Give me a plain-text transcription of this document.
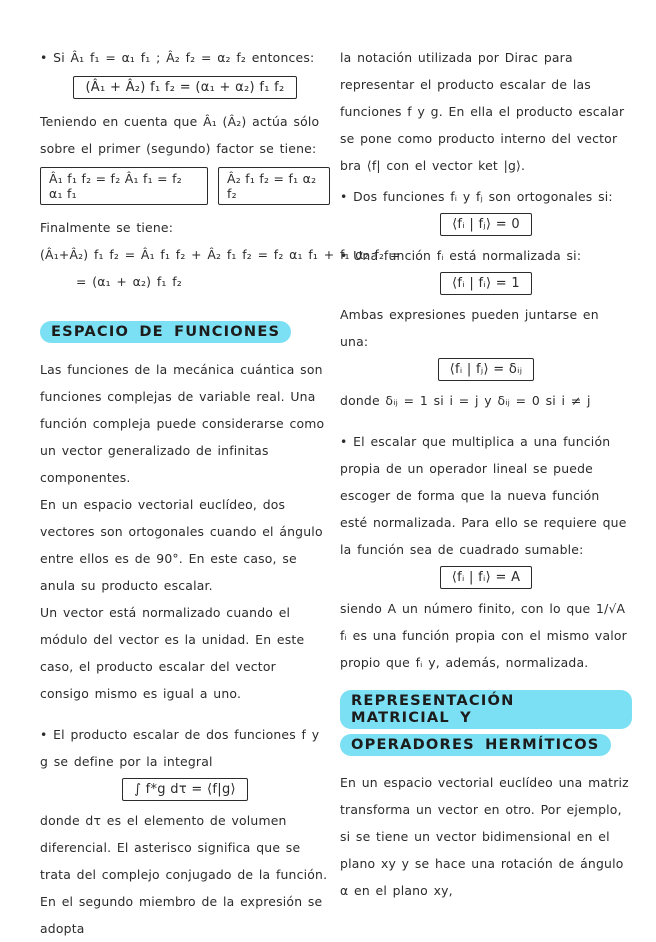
• Si Â₁ f₁ = α₁ f₁ ; Â₂ f₂ = α₂ f₂ entonces:

(Â₁ + Â₂) f₁ f₂ = (α₁ + α₂) f₁ f₂

Teniendo en cuenta que Â₁ (Â₂) actúa sólo sobre el primer (segundo) factor se tiene:

Â₁ f₁ f₂ = f₂ Â₁ f₁ = f₂ α₁ f₁
Â₂ f₁ f₂ = f₁ α₂ f₂

Finalmente se tiene:

(Â₁+Â₂) f₁ f₂ = Â₁ f₁ f₂ + Â₂ f₁ f₂ = f₂ α₁ f₁ + f₁ α₂ f₂ =

= (α₁ + α₂) f₁ f₂

ESPACIO DE FUNCIONES

Las funciones de la mecánica cuántica son funciones complejas de variable real. Una función compleja puede considerarse como un vector generalizado de infinitas componentes.

En un espacio vectorial euclídeo, dos vectores son ortogonales cuando el ángulo entre ellos es de 90°. En este caso, se anula su producto escalar.

Un vector está normalizado cuando el módulo del vector es la unidad. En este caso, el producto escalar del vector consigo mismo es igual a uno.

• El producto escalar de dos funciones f y g se define por la integral

∫ f*g dτ = ⟨f|g⟩

donde dτ es el elemento de volumen diferencial. El asterisco significa que se trata del complejo conjugado de la función.

En el segundo miembro de la expresión se adopta

la notación utilizada por Dirac para representar el producto escalar de las funciones f y g. En ella el producto escalar se pone como producto interno del vector bra ⟨f| con el vector ket |g⟩.

• Dos funciones fᵢ y fⱼ son ortogonales si:

⟨fᵢ | fⱼ⟩ = 0

• Una función fᵢ está normalizada si:

⟨fᵢ | fᵢ⟩ = 1

Ambas expresiones pueden juntarse en una:

⟨fᵢ | fⱼ⟩ = δᵢⱼ

donde δᵢⱼ = 1 si i = j y δᵢⱼ = 0 si i ≠ j

• El escalar que multiplica a una función propia de un operador lineal se puede escoger de forma que la nueva función esté normalizada. Para ello se requiere que la función sea de cuadrado sumable:

⟨fᵢ | fᵢ⟩ = A

siendo A un número finito, con lo que 1/√A fᵢ es una función propia con el mismo valor propio que fᵢ y, además, normalizada.

REPRESENTACIÓN MATRICIAL Y
OPERADORES HERMÍTICOS

En un espacio vectorial euclídeo una matriz transforma un vector en otro. Por ejemplo, si se tiene un vector bidimensional en el plano xy y se hace una rotación de ángulo α en el plano xy,
